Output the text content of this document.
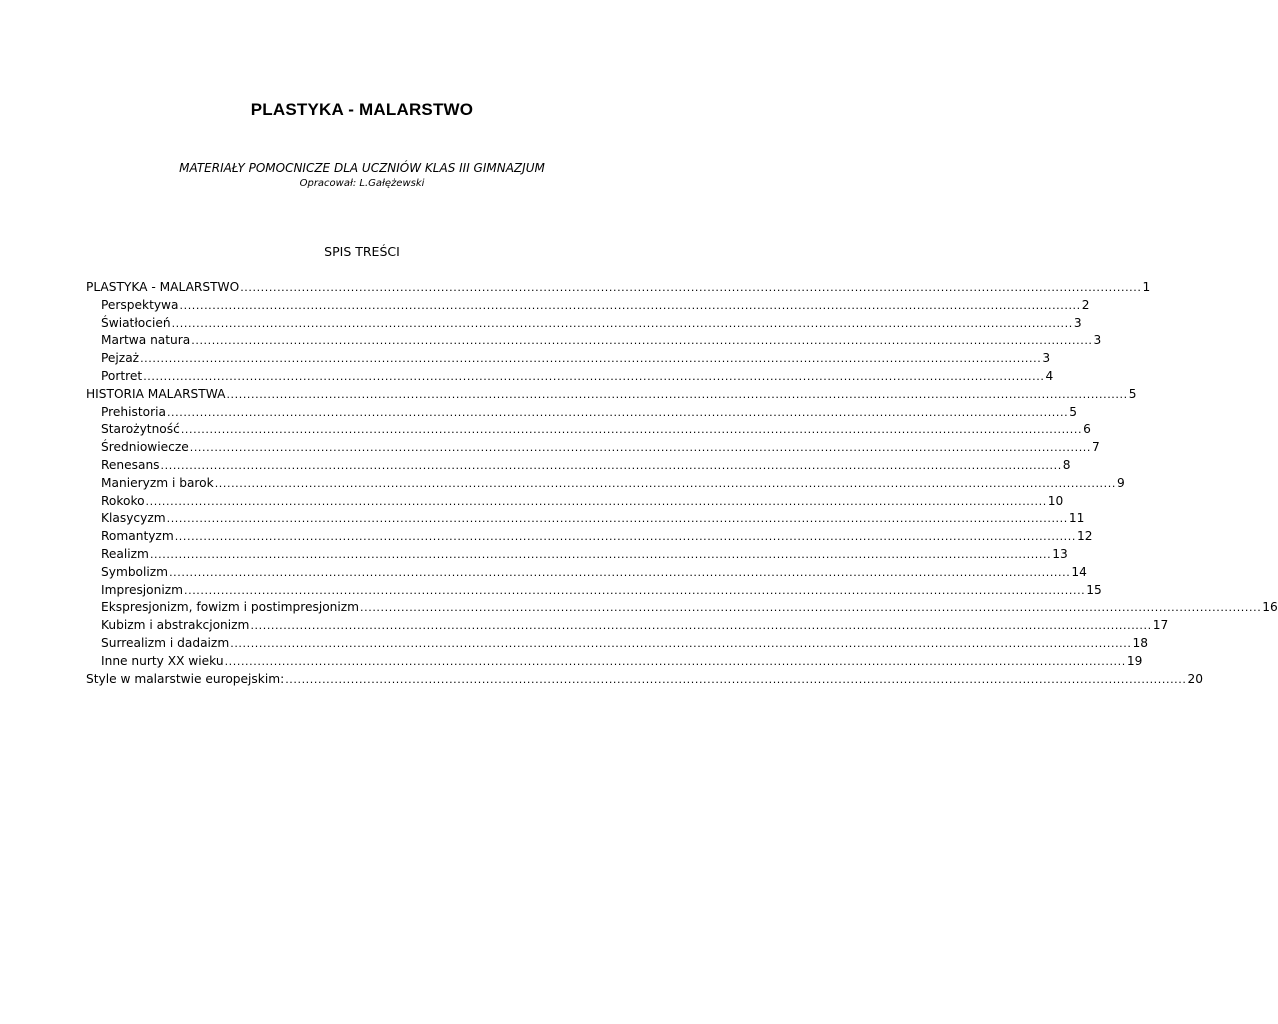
PLASTYKA - MALARSTWO
MATERIAŁY POMOCNICZE DLA UCZNIÓW KLAS III GIMNAZJUM
Opracował: L.Gałężewski
SPIS TREŚCI
PLASTYKA - MALARSTWO ............................................................................................................................................................................................................................ 1
Perspektywa ............................................................................................................................................................................................................................ 2
Światłocień ............................................................................................................................................................................................................................ 3
Martwa natura ............................................................................................................................................................................................................................ 3
Pejzaż ............................................................................................................................................................................................................................ 3
Portret ............................................................................................................................................................................................................................ 4
HISTORIA MALARSTWA ............................................................................................................................................................................................................................ 5
Prehistoria ............................................................................................................................................................................................................................ 5
Starożytność ............................................................................................................................................................................................................................ 6
Średniowiecze ............................................................................................................................................................................................................................ 7
Renesans ............................................................................................................................................................................................................................ 8
Manieryzm i barok ............................................................................................................................................................................................................................ 9
Rokoko ............................................................................................................................................................................................................................ 10
Klasycyzm ............................................................................................................................................................................................................................ 11
Romantyzm ............................................................................................................................................................................................................................ 12
Realizm ............................................................................................................................................................................................................................ 13
Symbolizm ............................................................................................................................................................................................................................ 14
Impresjonizm ............................................................................................................................................................................................................................ 15
Ekspresjonizm, fowizm i postimpresjonizm ............................................................................................................................................................................................................................ 16
Kubizm i abstrakcjonizm ............................................................................................................................................................................................................................ 17
Surrealizm i dadaizm ............................................................................................................................................................................................................................ 18
Inne nurty XX wieku ............................................................................................................................................................................................................................ 19
Style w malarstwie europejskim: ............................................................................................................................................................................................................................ 20
